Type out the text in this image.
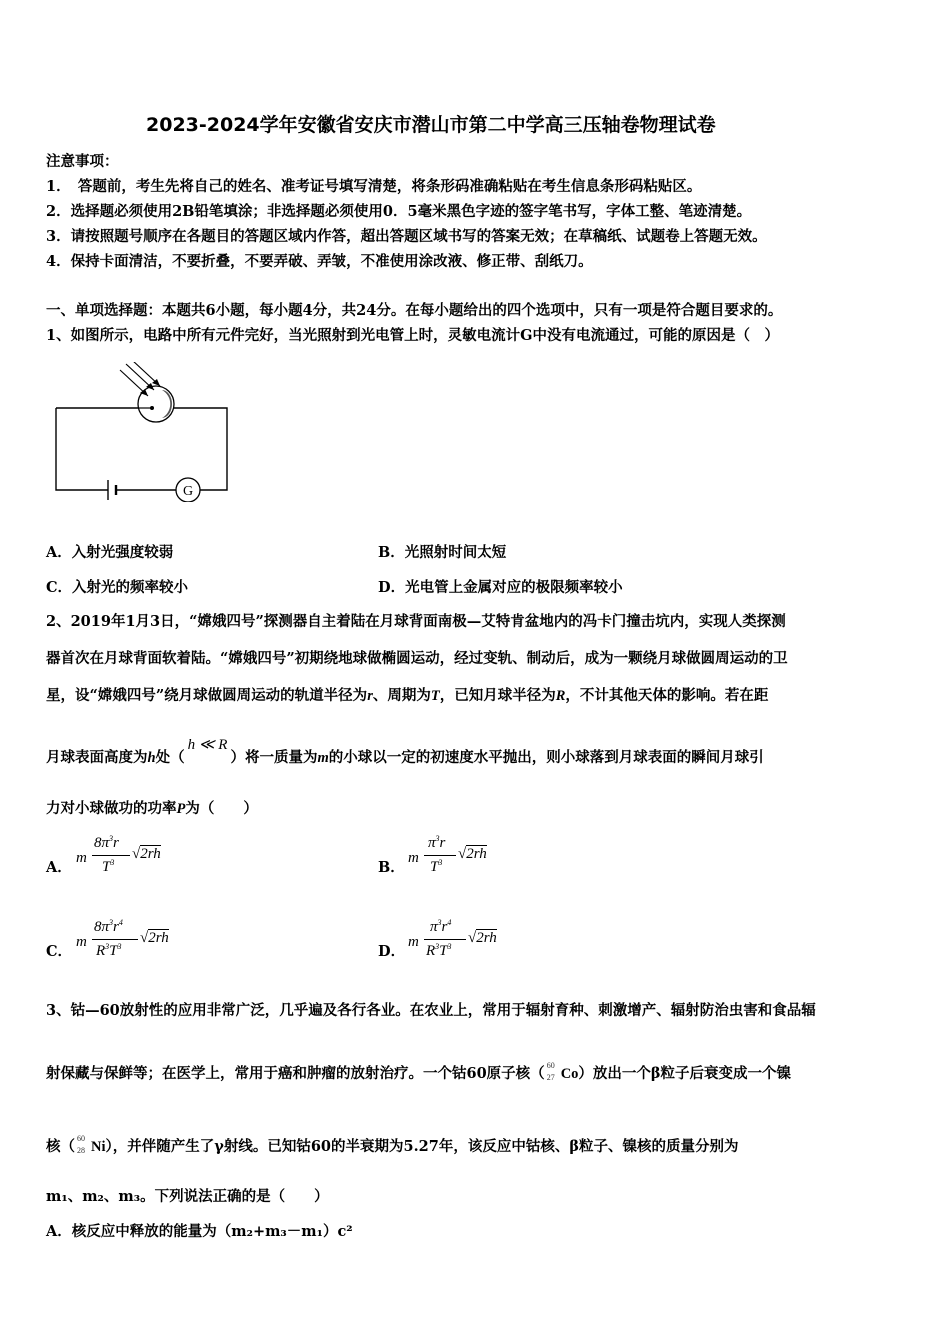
2023-2024学年安徽省安庆市潜山市第二中学高三压轴卷物理试卷
注意事项：
1．　答题前，考生先将自己的姓名、准考证号填写清楚，将条形码准确粘贴在考生信息条形码粘贴区。
2．选择题必须使用2B铅笔填涂；非选择题必须使用0．5毫米黑色字迹的签字笔书写，字体工整、笔迹清楚。
3．请按照题号顺序在各题目的答题区域内作答，超出答题区域书写的答案无效；在草稿纸、试题卷上答题无效。
4．保持卡面清洁，不要折叠，不要弄破、弄皱，不准使用涂改液、修正带、刮纸刀。
一、单项选择题：本题共6小题，每小题4分，共24分。在每小题给出的四个选项中，只有一项是符合题目要求的。
1、如图所示，电路中所有元件完好，当光照射到光电管上时，灵敏电流计G中没有电流通过，可能的原因是（　）
G
A．入射光强度较弱	B．光照射时间太短
C．入射光的频率较小	D．光电管上金属对应的极限频率较小
2、2019年1月3日，“嫦娥四号”探测器自主着陆在月球背面南极—艾特肯盆地内的冯卡门撞击坑内，实现人类探测
器首次在月球背面软着陆。“嫦娥四号”初期绕地球做椭圆运动，经过变轨、制动后，成为一颗绕月球做圆周运动的卫
星，设“嫦娥四号”绕月球做圆周运动的轨道半径为r、周期为T，已知月球半径为R，不计其他天体的影响。若在距
月球表面高度为h处（h ≪ R）将一质量为m的小球以一定的初速度水平抛出，则小球落到月球表面的瞬间月球引
力对小球做功的功率P为（　　）
A．
m
$8\pi^3r$
$T^3$
√2rh
B．
m
$\pi^3r$
$T^3$
√2rh
C．
m
$8\pi^3r^4$
$R^3T^3$
√2rh
D．
m
$\pi^3r^4$
$R^3T^3$
√2rh
3、钴—60放射性的应用非常广泛，几乎遍及各行各业。在农业上，常用于辐射育种、刺激增产、辐射防治虫害和食品辐
射保藏与保鲜等；在医学上，常用于癌和肿瘤的放射治疗。一个钴60原子核（ 60
27 Co）放出一个β粒子后衰变成一个镍
核（ 60
28 Ni），并伴随产生了γ射线。已知钴60的半衰期为5.27年，该反应中钴核、β粒子、镍核的质量分别为
m₁、m₂、m₃。下列说法正确的是（　　）
A．核反应中释放的能量为（m₂+m₃－m₁）c²
